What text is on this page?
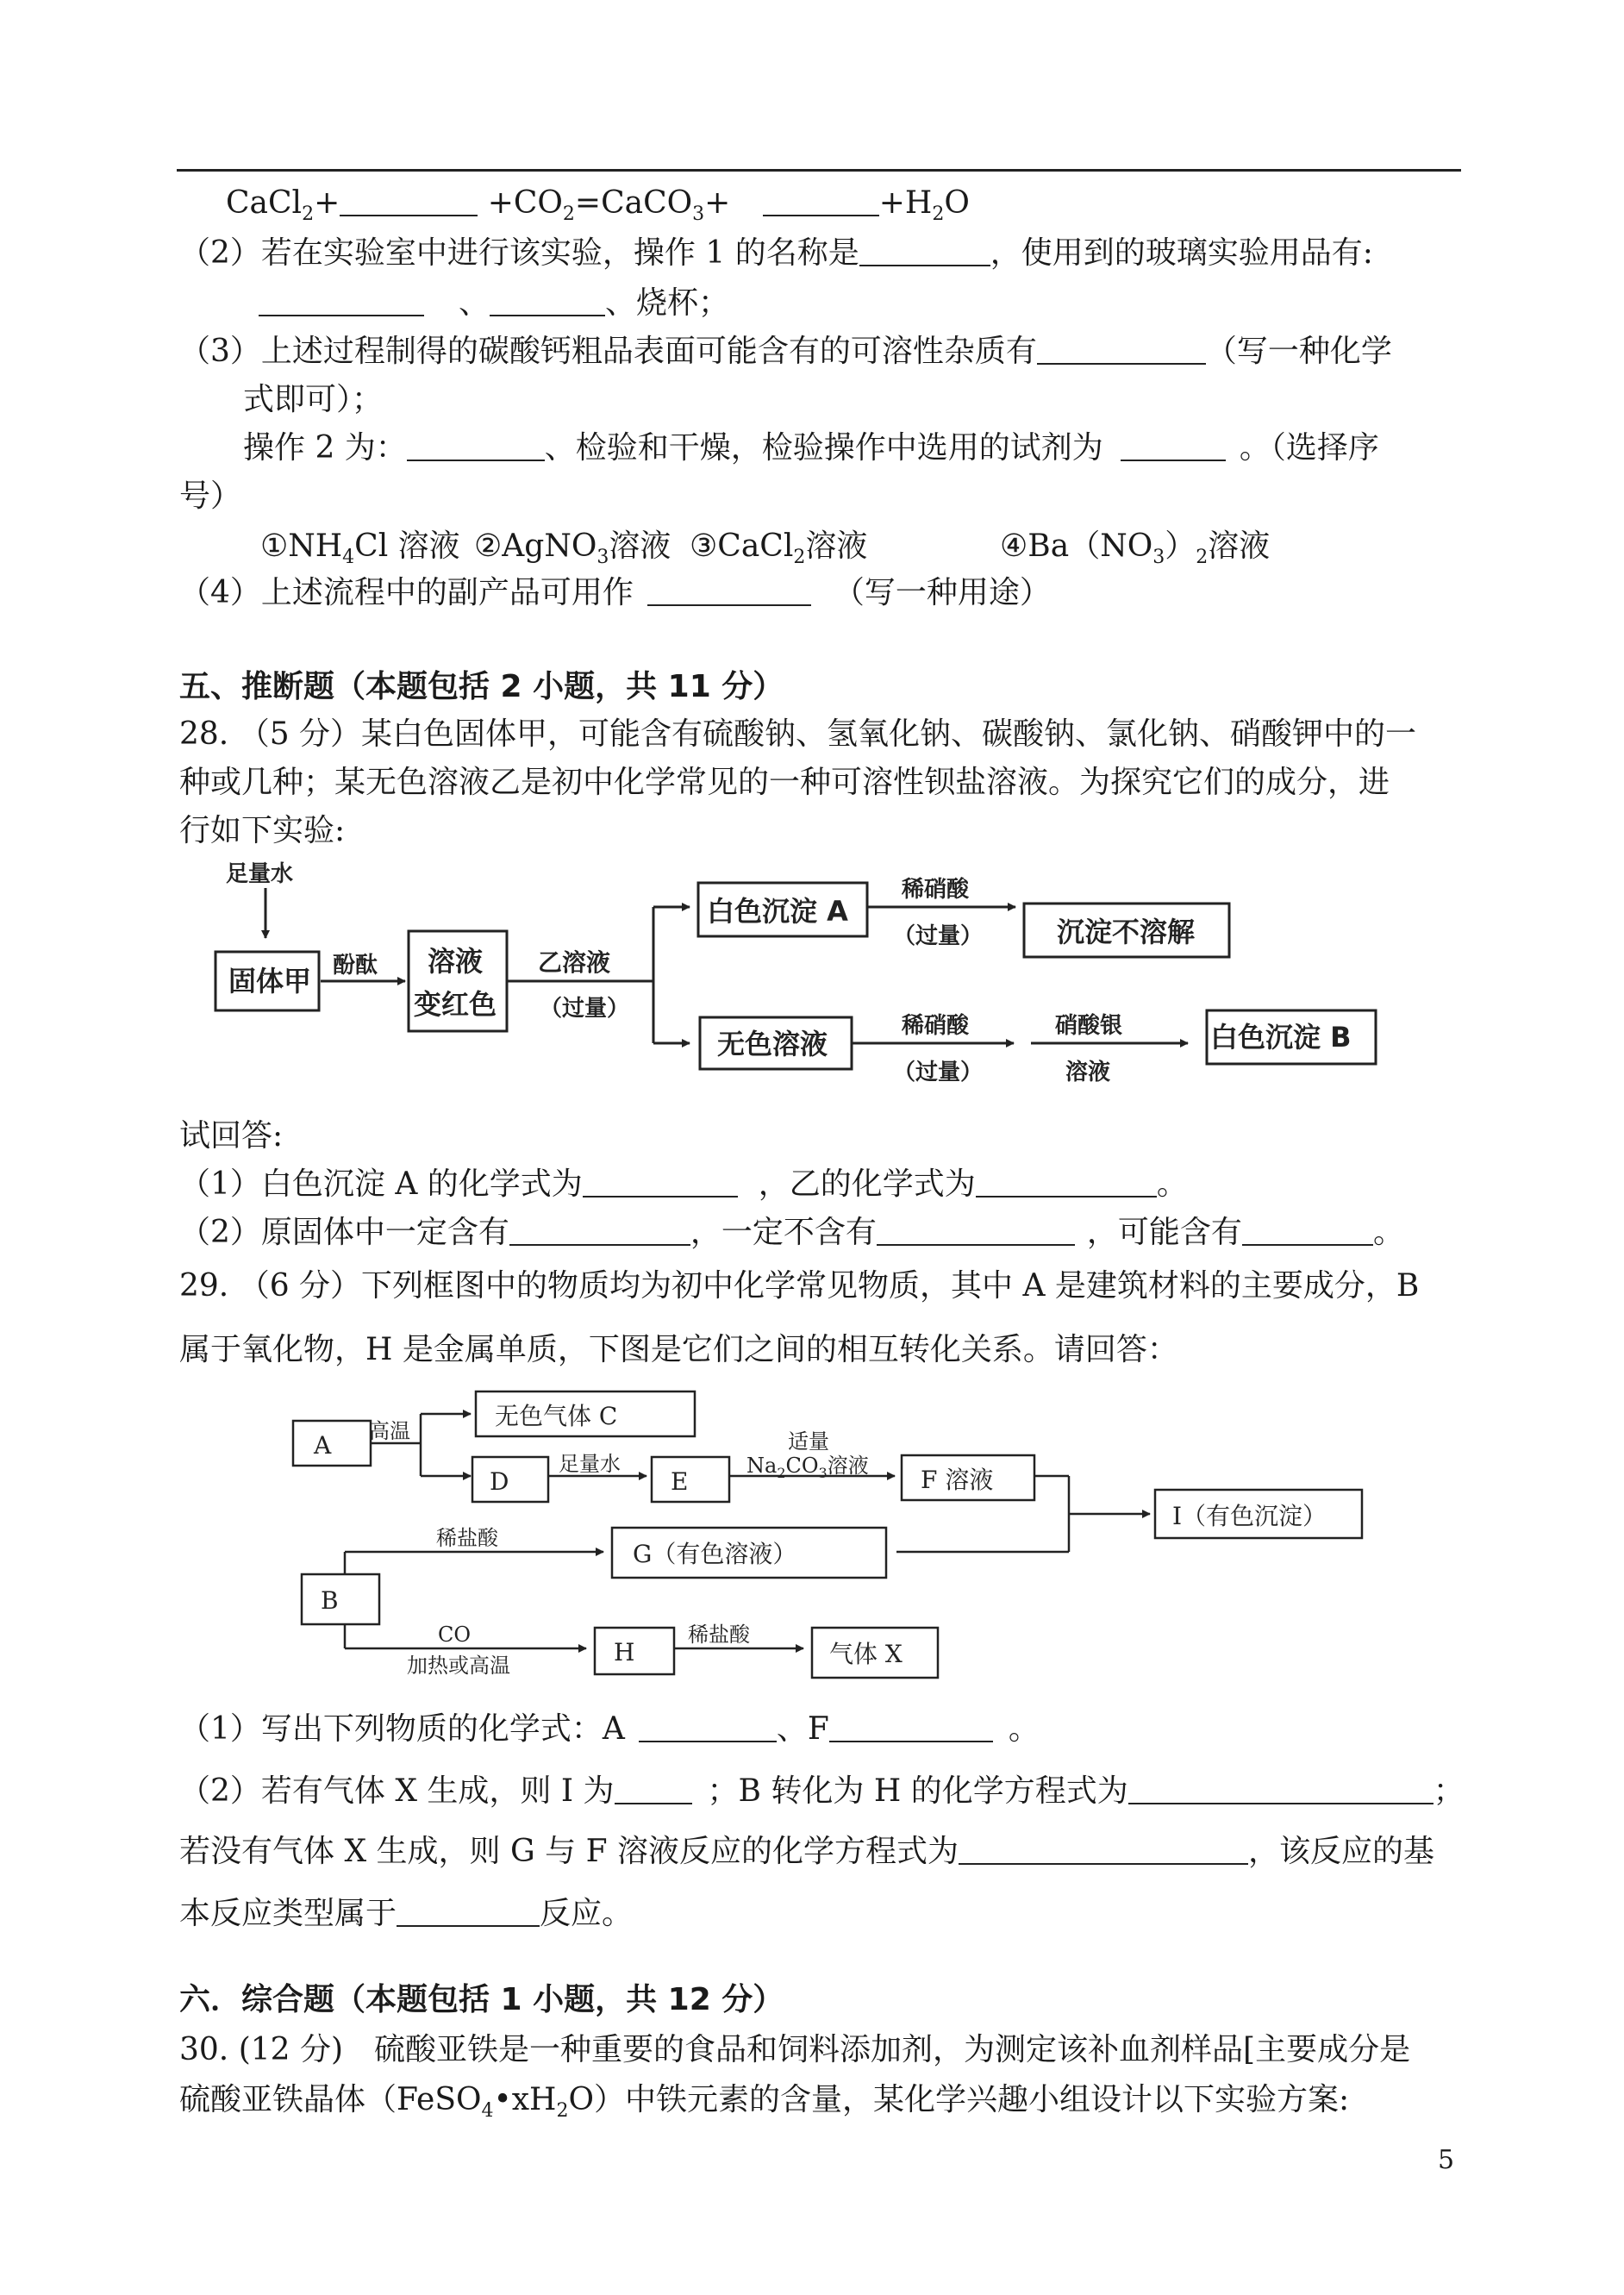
CaCl$_2$+	$+CO_2=CaCO_3+$	$+H_2O$
（2）若在实验室中进行该实验，操作 1 的名称是	，使用到的玻璃实验用品有:
、	、烧杯；
（3）上述过程制得的碳酸钙粗品表面可能含有的可溶性杂质有	（写一种化学
式即可）；
操作 2 为：	、检验和干燥，检验操作中选用的试剂为	。（选择序
号）
$①NH_4Cl$ 溶液 ②AgNO$_3$溶液 ③CaCl$_2$溶液	$④Ba(NO_3)_2$溶液
（4）上述流程中的副产品可用作	（写一种用途）
五、推断题（本题包括 2 小题，共 11 分）
28. （5 分）某白色固体甲，可能含有硫酸钠、氢氧化钠、碳酸钠、氯化钠、硝酸钾中的一
种或几种；某无色溶液乙是初中化学常见的一种可溶性钡盐溶液。为探究它们的成分，进
行如下实验:
足量水
固体甲 酚酞 溶液
变红色
乙溶液
（过量）
白色沉淀 A
稀硝酸
（过量）	沉淀不溶解
无色溶液
稀硝酸
（过量）
硝酸银
溶液
白色沉淀 B
试回答:
（1）白色沉淀 A 的化学式为	，乙的化学式为	。
（2）原固体中一定含有	，一定不含有	，可能含有	。
29. （6 分）下列框图中的物质均为初中化学常见物质，其中 A 是建筑材料的主要成分，B
属于氧化物，H 是金属单质，下图是它们之间的相互转化关系。请回答：
A 高温
无色气体 C
D
足量水
E
适量
$Na_2CO_3$溶液 F 溶液
I（有色沉淀）
稀盐酸
G（有色溶液）
B
CO
加热或高温	H
稀盐酸
气体 X
（1）写出下列物质的化学式：A	、F	。
（2）若有气体 X 生成，则 I 为	；B 转化为 H 的化学方程式为	；
若没有气体 X 生成，则 G 与 F 溶液反应的化学方程式为	，该反应的基
本反应类型属于	反应。
六．综合题（本题包括 1 小题，共 12 分）
30. (12 分)　硫酸亚铁是一种重要的食品和饲料添加剂，为测定该补血剂样品[主要成分是
硫酸亚铁晶体$(FeSO_4•xH_2O)$中铁元素的含量，某化学兴趣小组设计以下实验方案:
5
